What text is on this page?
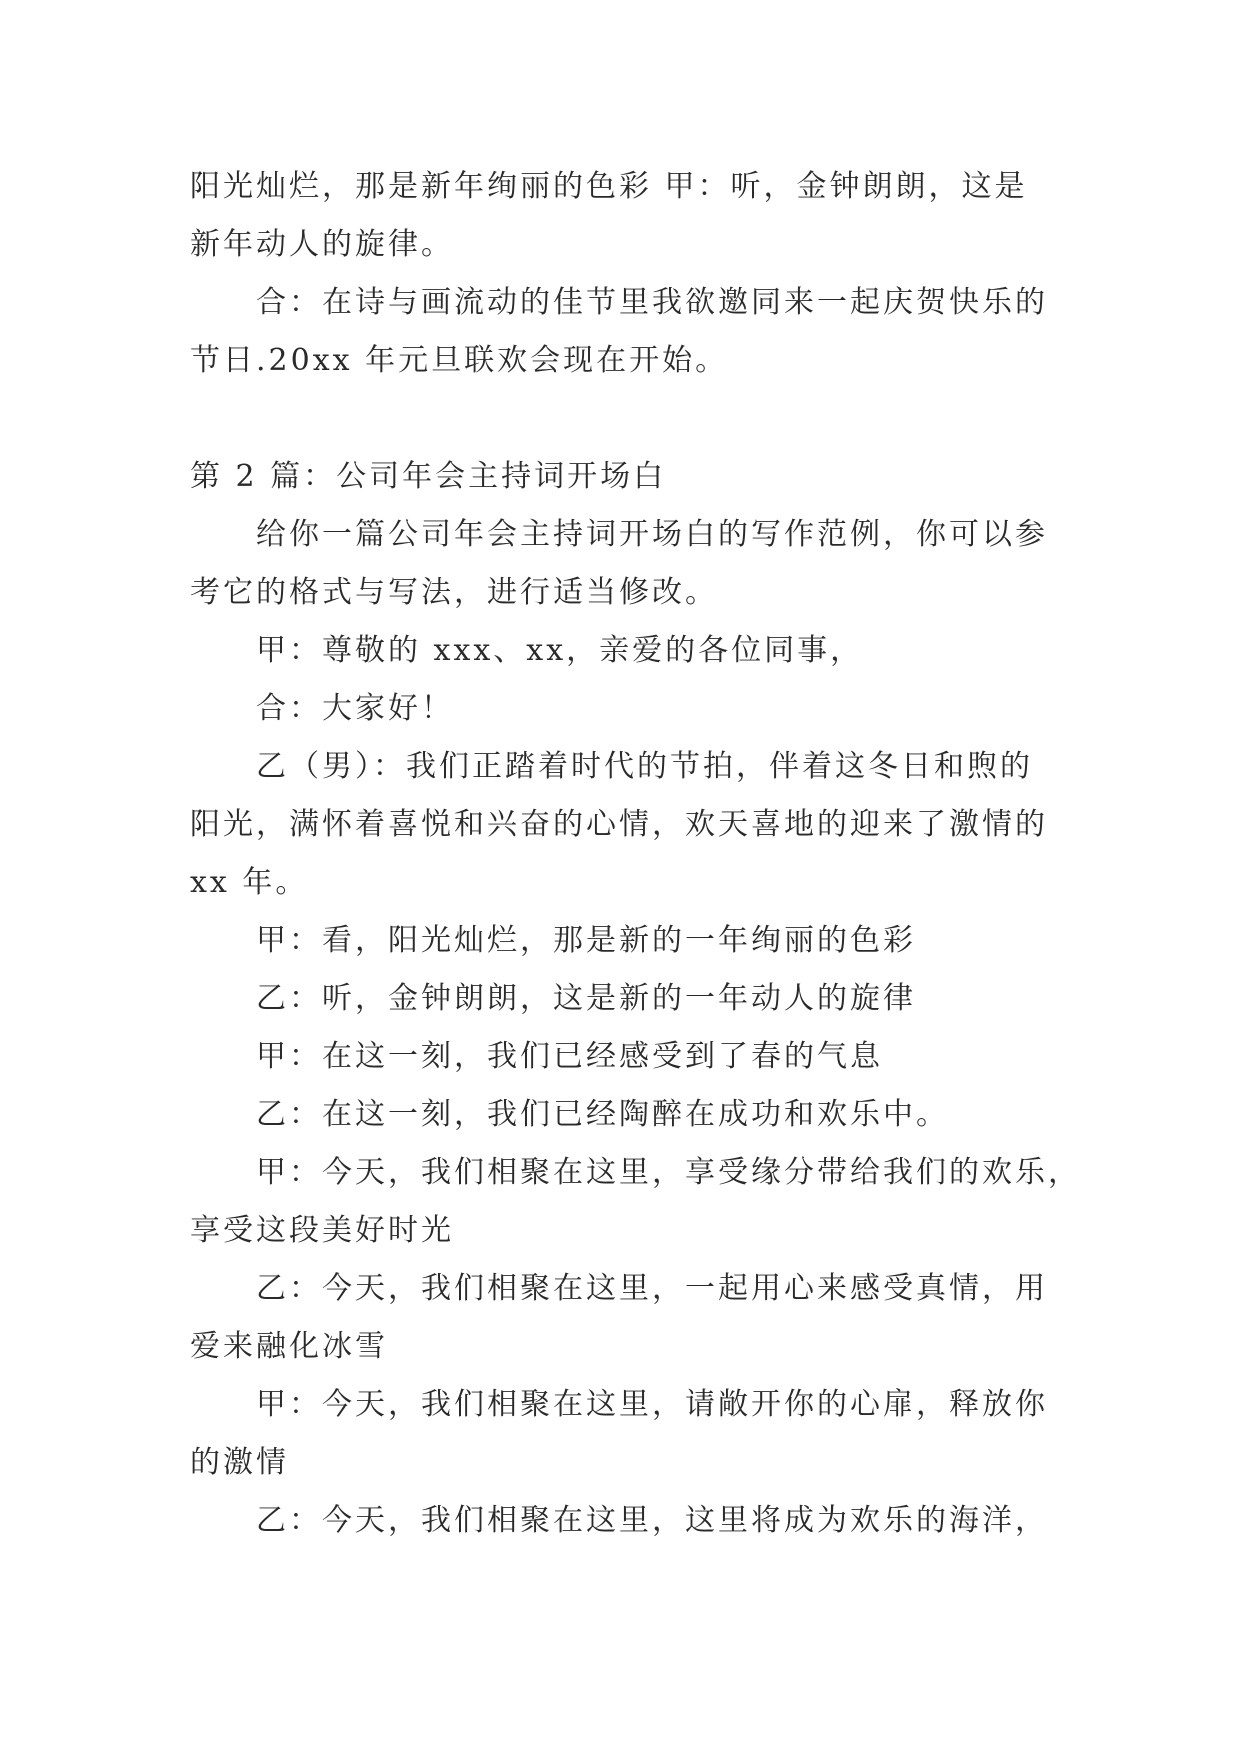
阳光灿烂，那是新年绚丽的色彩 甲：听，金钟朗朗，这是
新年动人的旋律。
合：在诗与画流动的佳节里我欲邀同来一起庆贺快乐的
节日.20xx 年元旦联欢会现在开始。
第 2 篇：公司年会主持词开场白
给你一篇公司年会主持词开场白的写作范例，你可以参
考它的格式与写法，进行适当修改。
甲：尊敬的 xxx、xx，亲爱的各位同事，
合：大家好！
乙（男）：我们正踏着时代的节拍，伴着这冬日和煦的
阳光，满怀着喜悦和兴奋的心情，欢天喜地的迎来了激情的
xx 年。
甲：看，阳光灿烂，那是新的一年绚丽的色彩
乙：听，金钟朗朗，这是新的一年动人的旋律
甲：在这一刻，我们已经感受到了春的气息
乙：在这一刻，我们已经陶醉在成功和欢乐中。
甲：今天，我们相聚在这里，享受缘分带给我们的欢乐，
享受这段美好时光
乙：今天，我们相聚在这里，一起用心来感受真情，用
爱来融化冰雪
甲：今天，我们相聚在这里，请敞开你的心扉，释放你
的激情
乙：今天，我们相聚在这里，这里将成为欢乐的海洋，
